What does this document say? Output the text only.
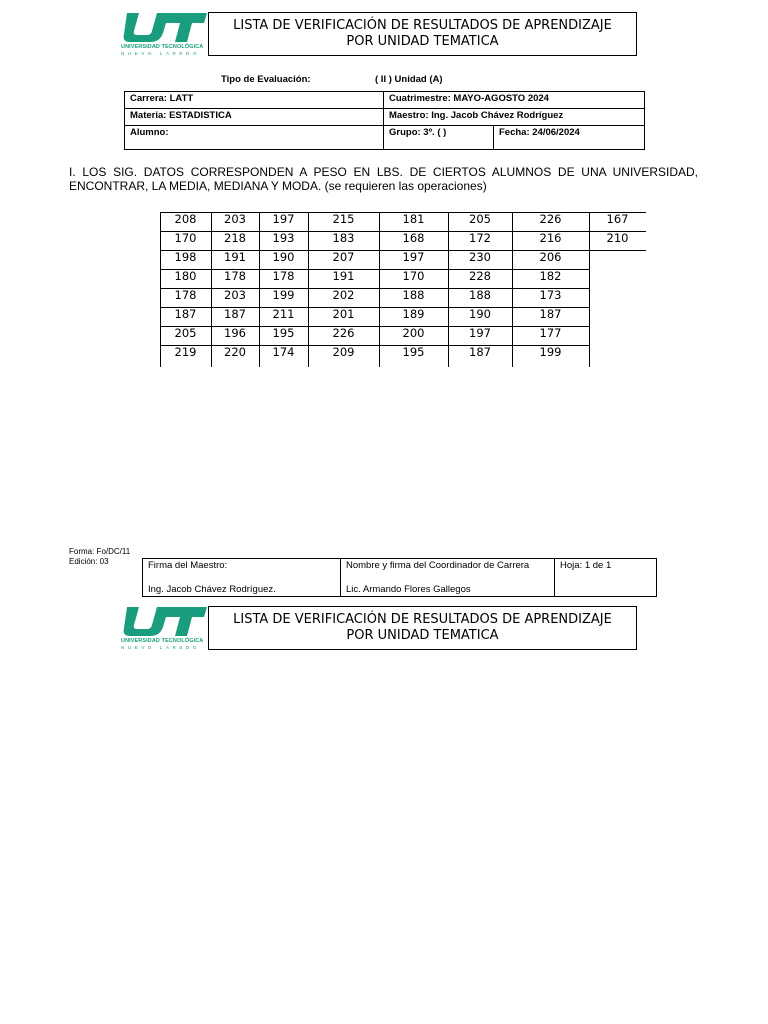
UNIVERSIDAD TECNOLÓGICA
NUEVO LAREDO
LISTA DE VERIFICACIÓN DE RESULTADOS DE APRENDIZAJE
POR UNIDAD TEMATICA
Tipo de Evaluación:	( II ) Unidad (A)
Carrera: LATT	Cuatrimestre: MAYO-AGOSTO 2024	
Materia: ESTADISTICA	Maestro: Ing. Jacob Chávez Rodríguez	
Alumno:	Grupo: 3º. ( )	Fecha: 24/06/2024
I. LOS SIG. DATOS CORRESPONDEN A PESO EN LBS. DE CIERTOS ALUMNOS DE UNA UNIVERSIDAD, ENCONTRAR, LA MEDIA, MEDIANA Y MODA. (se requieren las operaciones)
208	203	197	215	181	205	226	167
170	218	193	183	168	172	216	210
198	191	190	207	197	230	206
180	178	178	191	170	228	182
178	203	199	202	188	188	173
187	187	211	201	189	190	187
205	196	195	226	200	197	177
219	220	174	209	195	187	199
Forma: Fo/DC/11
Edición: 03	Firma del Maestro:
Ing. Jacob Chávez Rodríguez.

Nombre y firma del Coordinador de Carrera
Lic. Armando Flores Gallegos
	Hoja: 1 de 1
UNIVERSIDAD TECNOLÓGICA
NUEVO LAREDO
LISTA DE VERIFICACIÓN DE RESULTADOS DE APRENDIZAJE
POR UNIDAD TEMATICA
